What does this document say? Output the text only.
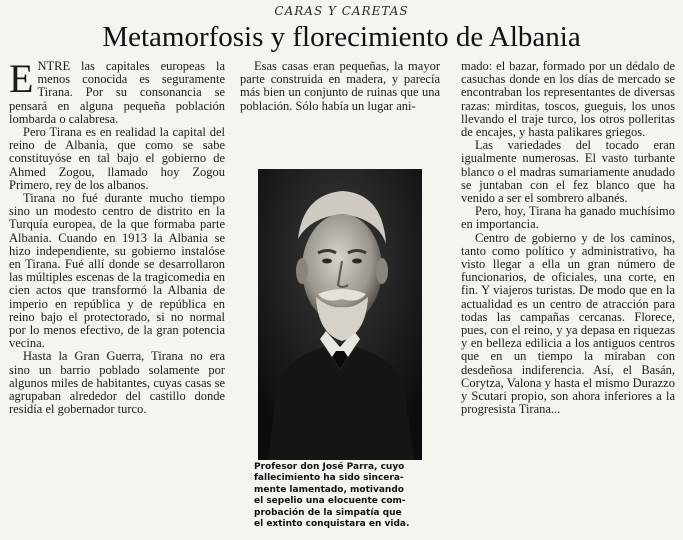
CARAS Y CARETAS
Metamorfosis y florecimiento de Albania

ENTRE las capitales europeas la menos conocida es seguramente Tirana. Por su consonancia se pensará en alguna pequeña población lombarda o calabresa.

Pero Tirana es en realidad la capital del reino de Albania, que como se sabe constituyóse en tal bajo el gobierno de Ahmed Zogou, llamado hoy Zogou Primero, rey de los albanos.

Tirana no fué durante mucho tiempo sino un modesto centro de distrito en la Turquía europea, de la que formaba parte Albania. Cuando en 1913 la Albania se hizo independiente, su gobierno instalóse en Tirana. Fué allí donde se desarrollaron las múltiples escenas de la tragicomedia en cien actos que transformó la Albania de imperio en república y de república en reino bajo el protectorado, si no normal por lo menos efectivo, de la gran potencia vecina.

Hasta la Gran Guerra, Tirana no era sino un barrio poblado solamente por algunos miles de habitantes, cuyas casas se agrupaban alrededor del castillo donde residía el gobernador turco.

Esas casas eran pequeñas, la mayor parte construida en madera, y parecía más bien un conjunto de ruinas que una población. Sólo había un lugar ani-

Profesor don José Parra, cuyo
fallecimiento ha sido sincera-
mente lamentado, motivando
el sepelio una elocuente com-
probación de la simpatía que
el extinto conquistara en vida.

mado: el bazar, formado por un dédalo de casuchas donde en los días de mercado se encontraban los representantes de diversas razas: mirditas, toscos, gueguis, los unos llevando el traje turco, los otros polleritas de encajes, y hasta palikares griegos.

Las variedades del tocado eran igualmente numerosas. El vasto turbante blanco o el madras sumariamente anudado se juntaban con el fez blanco que ha venido a ser el sombrero albanés.

Pero, hoy, Tirana ha ganado muchísimo en importancia.

Centro de gobierno y de los caminos, tanto como político y administrativo, ha visto llegar a ella un gran número de funcionarios, de oficiales, una corte, en fin. Y viajeros turistas. De modo que en la actualidad es un centro de atracción para todas las campañas cercanas. Florece, pues, con el reino, y ya depasa en riquezas y en belleza edilicia a los antiguos centros que en un tiempo la miraban con desdeñosa indiferencia. Así, el Basán, Corytza, Valona y hasta el mismo Durazzo y Scutari propio, son ahora inferiores a la progresista Tirana...
